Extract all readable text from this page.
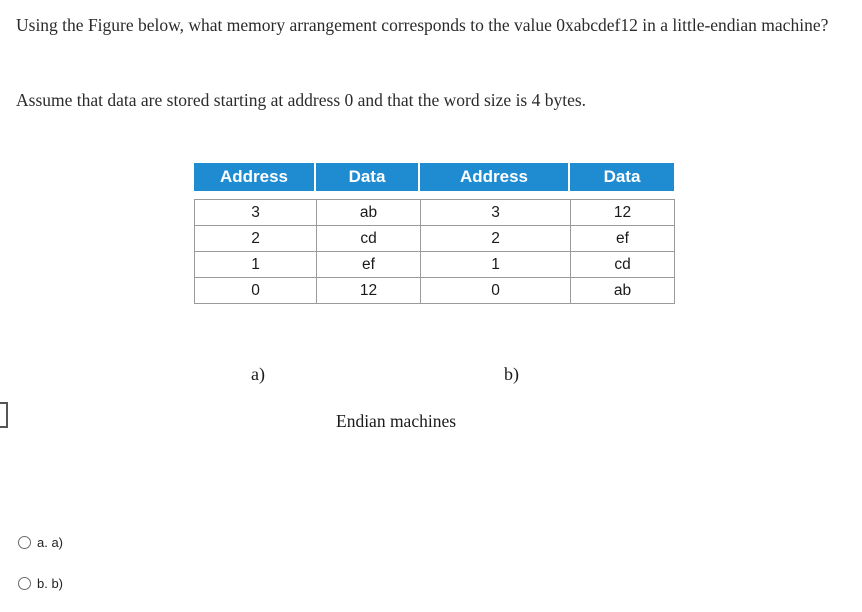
Using the Figure below, what memory arrangement corresponds to the value 0xabcdef12 in a little-endian machine?
Assume that data are stored starting at address 0 and that the word size is 4 bytes.
Address	Data	Address	Data
3	ab	3	12
2	cd	2	ef
1	ef	1	cd
0	12	0	ab
a)	b)
Endian machines
a. a)
b. b)
